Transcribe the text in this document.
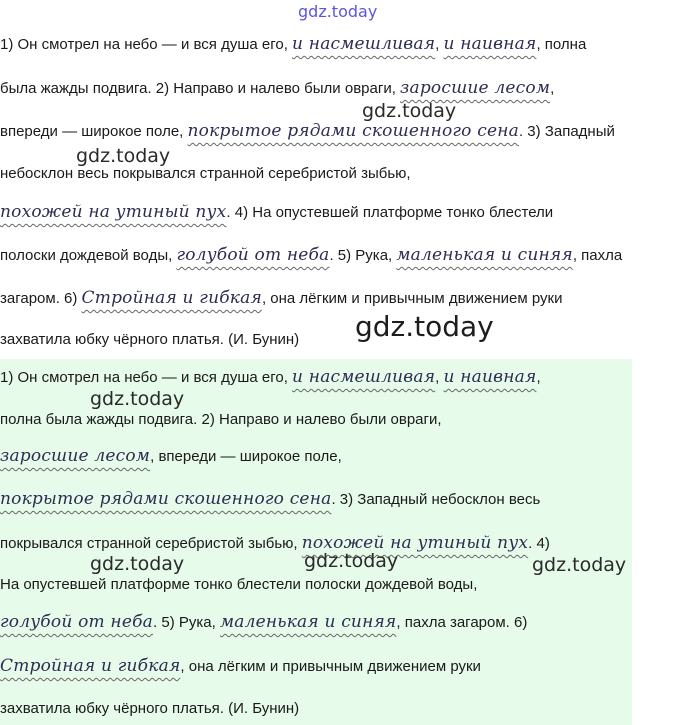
gdz.today
1) Он смотрел на небо — и вся душа его, и насмешливая, и наивная, полна
была жажды подвига. 2) Направо и налево были овраги, заросшие лесом,
gdz.today
впереди — широкое поле, покрытое рядами скошенного сена. 3) Западный
gdz.today
небосклон весь покрывался странной серебристой зыбью,
похожей на утиный пух. 4) На опустевшей платформе тонко блестели
полоски дождевой воды, голубой от неба. 5) Рука, маленькая и синяя, пахла
загаром. 6) Стройная и гибкая, она лёгким и привычным движением руки
захватила юбку чёрного платья. (И. Бунин) gdz.today
1) Он смотрел на небо — и вся душа его, и насмешливая, и наивная,
gdz.today
полна была жажды подвига. 2) Направо и налево были овраги,
заросшие лесом, впереди — широкое поле,
покрытое рядами скошенного сена. 3) Западный небосклон весь
покрывался странной серебристой зыбью, похожей на утиный пух. 4)
gdz.today	gdz.today	gdz.today
На опустевшей платформе тонко блестели полоски дождевой воды,
голубой от неба. 5) Рука, маленькая и синяя, пахла загаром. 6)
Стройная и гибкая, она лёгким и привычным движением руки
захватила юбку чёрного платья. (И. Бунин)
